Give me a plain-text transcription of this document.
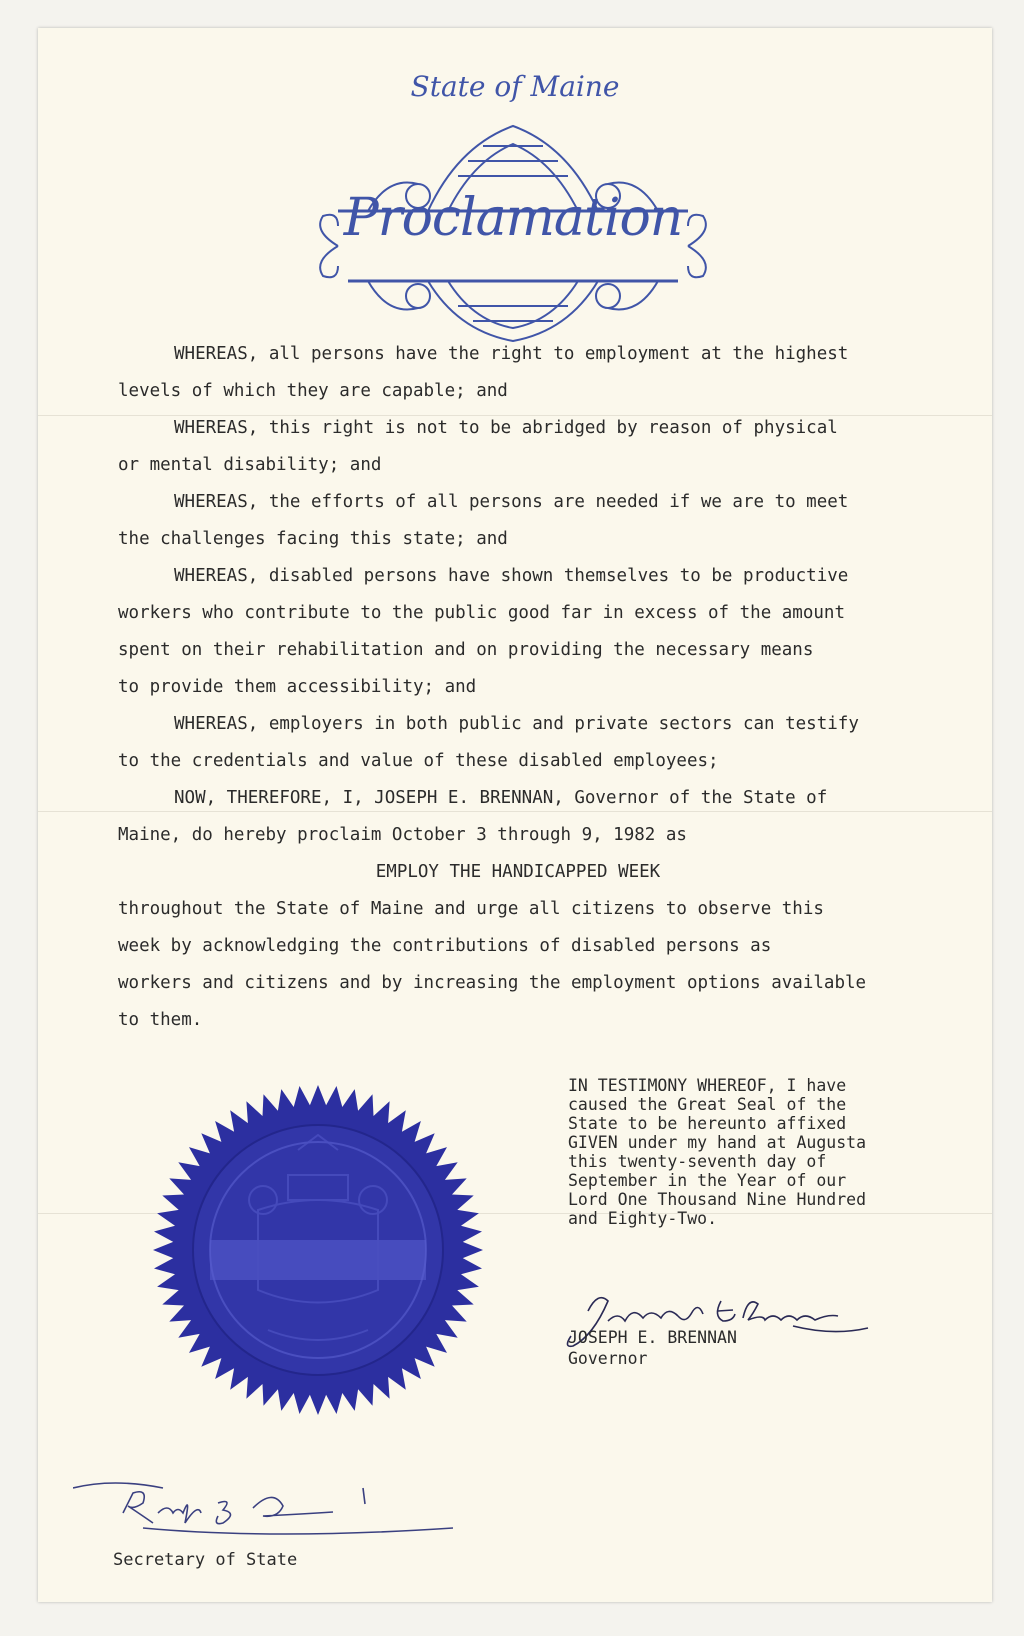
State of Maine
Proclamation

WHEREAS, all persons have the right to employment at the highest
levels of which they are capable; and

WHEREAS, this right is not to be abridged by reason of physical
or mental disability; and

WHEREAS, the efforts of all persons are needed if we are to meet
the challenges facing this state; and

WHEREAS, disabled persons have shown themselves to be productive
workers who contribute to the public good far in excess of the amount
spent on their rehabilitation and on providing the necessary means
to provide them accessibility; and

WHEREAS, employers in both public and private sectors can testify
to the credentials and value of these disabled employees;

NOW, THEREFORE, I, JOSEPH E. BRENNAN, Governor of the State of
Maine, do hereby proclaim October 3 through 9, 1982 as

EMPLOY THE HANDICAPPED WEEK

throughout the State of Maine and urge all citizens to observe this
week by acknowledging the contributions of disabled persons as
workers and citizens and by increasing the employment options available
to them.

IN TESTIMONY WHEREOF, I have
caused the Great Seal of the
State to be hereunto affixed
GIVEN under my hand at Augusta
this twenty-seventh day of
September in the Year of our
Lord One Thousand Nine Hundred
and Eighty-Two.
JOSEPH E. BRENNAN
Governor
Secretary of State
